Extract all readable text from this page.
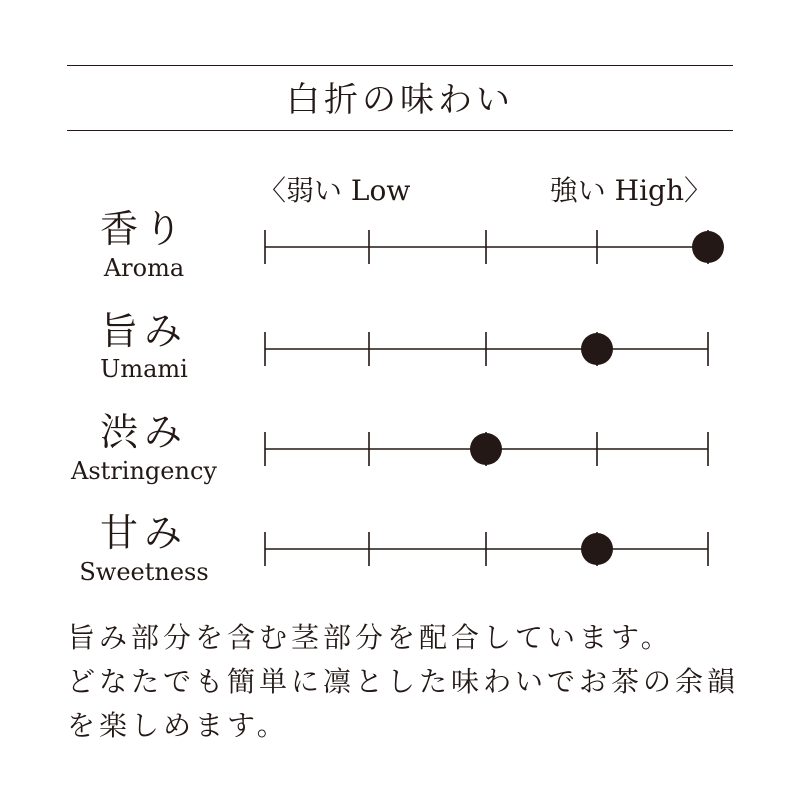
白折の味わい
〈弱い Low	強い High〉
香り
Aroma
旨み
Umami
渋み
Astringency
甘み
Sweetness

旨み部分を含む茎部分を配合しています。

どなたでも簡単に凛とした味わいでお茶の余韻

を楽しめます。
